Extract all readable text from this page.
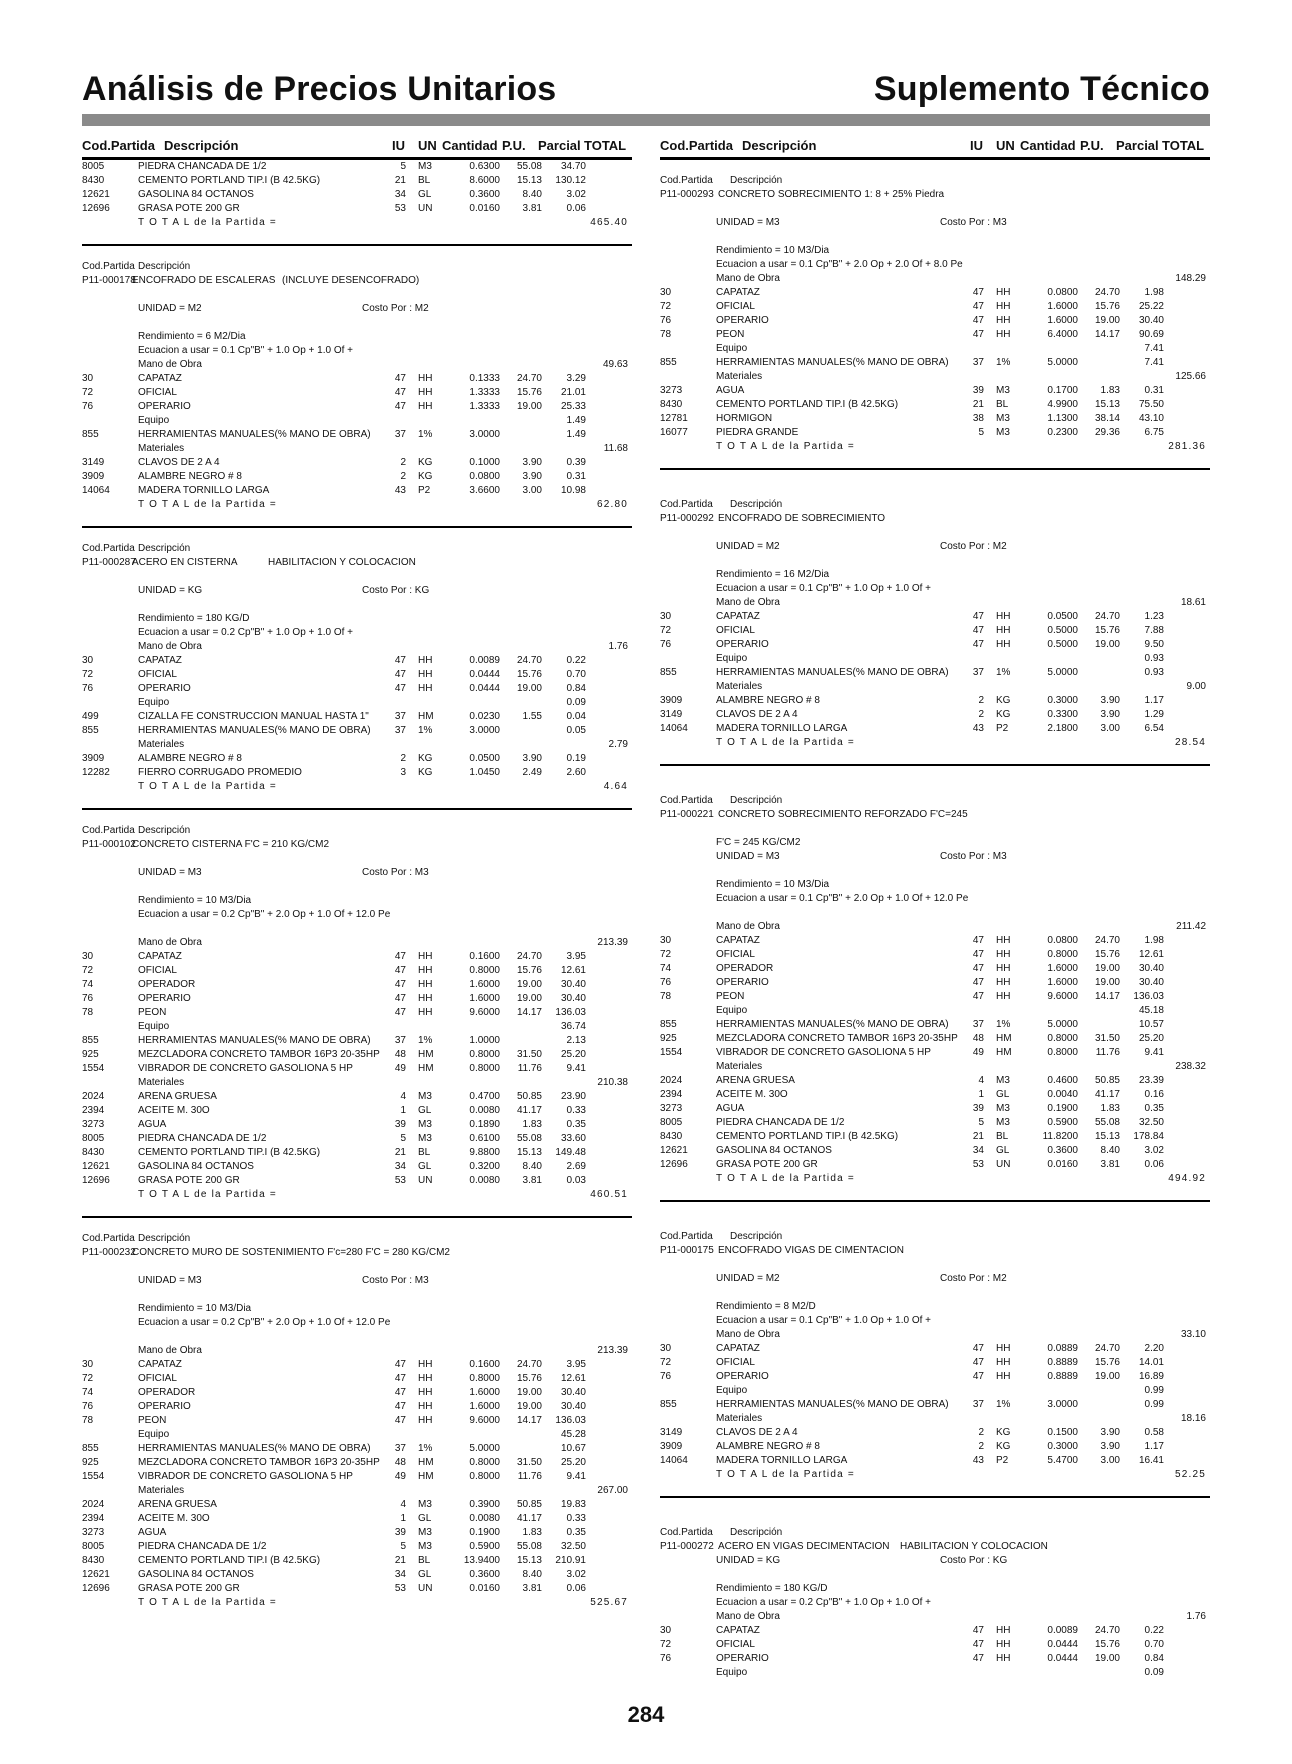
Análisis de Precios Unitarios	Suplemento Técnico
Cod.Partida Descripción	IU UN Cantidad P.U. Parcial TOTAL
8005	PIEDRA CHANCADA DE 1/2	5 M3	0.6300	55.08	34.70
8430	CEMENTO PORTLAND TIP.I (B 42.5KG)	21 BL	8.6000	15.13	130.12
12621	GASOLINA 84 OCTANOS	34 GL	0.3600	8.40	3.02
12696	GRASA POTE 200 GR	53 UN	0.0160	3.81	0.06
T O T A L de la Partida =	465.40
Cod.Partida Descripción
P11-000178
ENCOFRADO DE ESCALERAS (INCLUYE DESENCOFRADO)
UNIDAD = M2	Costo Por : M2
Rendimiento = 6 M2/Dia
Ecuacion a usar = 0.1 Cp"B" + 1.0 Op + 1.0 Of +
Mano de Obra	49.63
30	CAPATAZ	47 HH	0.1333	24.70	3.29
72	OFICIAL	47 HH	1.3333	15.76	21.01
76	OPERARIO	47 HH	1.3333	19.00	25.33
Equipo	1.49
855	HERRAMIENTAS MANUALES(% MANO DE OBRA)	37 1%	3.0000	1.49
Materiales	11.68
3149	CLAVOS DE 2 A 4	2 KG	0.1000	3.90	0.39
3909	ALAMBRE NEGRO # 8	2 KG	0.0800	3.90	0.31
14064	MADERA TORNILLO LARGA	43 P2	3.6600	3.00	10.98
T O T A L de la Partida =	62.80
Cod.Partida Descripción
P11-000287
ACERO EN CISTERNA	HABILITACION Y COLOCACION
UNIDAD = KG	Costo Por : KG
Rendimiento = 180 KG/D
Ecuacion a usar = 0.2 Cp"B" + 1.0 Op + 1.0 Of +
Mano de Obra	1.76
30	CAPATAZ	47 HH	0.0089	24.70	0.22
72	OFICIAL	47 HH	0.0444	15.76	0.70
76	OPERARIO	47 HH	0.0444	19.00	0.84
Equipo	0.09
499	CIZALLA FE CONSTRUCCION MANUAL HASTA 1"	37 HM	0.0230	1.55	0.04
855	HERRAMIENTAS MANUALES(% MANO DE OBRA)	37 1%	3.0000	0.05
Materiales	2.79
3909	ALAMBRE NEGRO # 8	2 KG	0.0500	3.90	0.19
12282	FIERRO CORRUGADO PROMEDIO	3 KG	1.0450	2.49	2.60
T O T A L de la Partida =	4.64
Cod.Partida Descripción
P11-000102
CONCRETO CISTERNA F'C = 210 KG/CM2
UNIDAD = M3	Costo Por : M3
Rendimiento = 10 M3/Dia
Ecuacion a usar = 0.2 Cp"B" + 2.0 Op + 1.0 Of + 12.0 Pe
Mano de Obra	213.39
30	CAPATAZ	47 HH	0.1600	24.70	3.95
72	OFICIAL	47 HH	0.8000	15.76	12.61
74	OPERADOR	47 HH	1.6000	19.00	30.40
76	OPERARIO	47 HH	1.6000	19.00	30.40
78	PEON	47 HH	9.6000	14.17	136.03
Equipo	36.74
855	HERRAMIENTAS MANUALES(% MANO DE OBRA)	37 1%	1.0000	2.13
925	MEZCLADORA CONCRETO TAMBOR 16P3 20-35HP	48 HM	0.8000	31.50	25.20
1554	VIBRADOR DE CONCRETO GASOLIONA 5 HP	49 HM	0.8000	11.76	9.41
Materiales	210.38
2024	ARENA GRUESA	4 M3	0.4700	50.85	23.90
2394	ACEITE M. 30O	1 GL	0.0080	41.17	0.33
3273	AGUA	39 M3	0.1890	1.83	0.35
8005	PIEDRA CHANCADA DE 1/2	5 M3	0.6100	55.08	33.60
8430	CEMENTO PORTLAND TIP.I (B 42.5KG)	21 BL	9.8800	15.13	149.48
12621	GASOLINA 84 OCTANOS	34 GL	0.3200	8.40	2.69
12696	GRASA POTE 200 GR	53 UN	0.0080	3.81	0.03
T O T A L de la Partida =	460.51
Cod.Partida Descripción
P11-000232
CONCRETO MURO DE SOSTENIMIENTO F'c=280 F'C = 280 KG/CM2
UNIDAD = M3	Costo Por : M3
Rendimiento = 10 M3/Dia
Ecuacion a usar = 0.2 Cp"B" + 2.0 Op + 1.0 Of + 12.0 Pe
Mano de Obra	213.39
30	CAPATAZ	47 HH	0.1600	24.70	3.95
72	OFICIAL	47 HH	0.8000	15.76	12.61
74	OPERADOR	47 HH	1.6000	19.00	30.40
76	OPERARIO	47 HH	1.6000	19.00	30.40
78	PEON	47 HH	9.6000	14.17	136.03
Equipo	45.28
855	HERRAMIENTAS MANUALES(% MANO DE OBRA)	37 1%	5.0000	10.67
925	MEZCLADORA CONCRETO TAMBOR 16P3 20-35HP	48 HM	0.8000	31.50	25.20
1554	VIBRADOR DE CONCRETO GASOLIONA 5 HP	49 HM	0.8000	11.76	9.41
Materiales	267.00
2024	ARENA GRUESA	4 M3	0.3900	50.85	19.83
2394	ACEITE M. 30O	1 GL	0.0080	41.17	0.33
3273	AGUA	39 M3	0.1900	1.83	0.35
8005	PIEDRA CHANCADA DE 1/2	5 M3	0.5900	55.08	32.50
8430	CEMENTO PORTLAND TIP.I (B 42.5KG)	21 BL	13.9400	15.13	210.91
12621	GASOLINA 84 OCTANOS	34 GL	0.3600	8.40	3.02
12696	GRASA POTE 200 GR	53 UN	0.0160	3.81	0.06
T O T A L de la Partida =	525.67
Cod.Partida Descripción	IU UN Cantidad P.U. Parcial TOTAL
Cod.Partida Descripción
P11-000293 CONCRETO SOBRECIMIENTO 1: 8 + 25% Piedra
UNIDAD = M3	Costo Por : M3
Rendimiento = 10 M3/Dia
Ecuacion a usar = 0.1 Cp"B" + 2.0 Op + 2.0 Of + 8.0 Pe
Mano de Obra	148.29
30	CAPATAZ	47 HH	0.0800	24.70	1.98
72	OFICIAL	47 HH	1.6000	15.76	25.22
76	OPERARIO	47 HH	1.6000	19.00	30.40
78	PEON	47 HH	6.4000	14.17	90.69
Equipo	7.41
855	HERRAMIENTAS MANUALES(% MANO DE OBRA)	37 1%	5.0000	7.41
Materiales	125.66
3273	AGUA	39 M3	0.1700	1.83	0.31
8430	CEMENTO PORTLAND TIP.I (B 42.5KG)	21 BL	4.9900	15.13	75.50
12781	HORMIGON	38 M3	1.1300	38.14	43.10
16077	PIEDRA GRANDE	5 M3	0.2300	29.36	6.75
T O T A L de la Partida =	281.36
Cod.Partida Descripción
P11-000292 ENCOFRADO DE SOBRECIMIENTO
UNIDAD = M2	Costo Por : M2
Rendimiento = 16 M2/Dia
Ecuacion a usar = 0.1 Cp"B" + 1.0 Op + 1.0 Of +
Mano de Obra	18.61
30	CAPATAZ	47 HH	0.0500	24.70	1.23
72	OFICIAL	47 HH	0.5000	15.76	7.88
76	OPERARIO	47 HH	0.5000	19.00	9.50
Equipo	0.93
855	HERRAMIENTAS MANUALES(% MANO DE OBRA)	37 1%	5.0000	0.93
Materiales	9.00
3909	ALAMBRE NEGRO # 8	2 KG	0.3000	3.90	1.17
3149	CLAVOS DE 2 A 4	2 KG	0.3300	3.90	1.29
14064	MADERA TORNILLO LARGA	43 P2	2.1800	3.00	6.54
T O T A L de la Partida =	28.54
Cod.Partida Descripción
P11-000221 CONCRETO SOBRECIMIENTO REFORZADO F'C=245
F'C = 245 KG/CM2
UNIDAD = M3	Costo Por : M3
Rendimiento = 10 M3/Dia
Ecuacion a usar = 0.1 Cp"B" + 2.0 Op + 1.0 Of + 12.0 Pe
Mano de Obra	211.42
30	CAPATAZ	47 HH	0.0800	24.70	1.98
72	OFICIAL	47 HH	0.8000	15.76	12.61
74	OPERADOR	47 HH	1.6000	19.00	30.40
76	OPERARIO	47 HH	1.6000	19.00	30.40
78	PEON	47 HH	9.6000	14.17	136.03
Equipo	45.18
855	HERRAMIENTAS MANUALES(% MANO DE OBRA)	37 1%	5.0000	10.57
925	MEZCLADORA CONCRETO TAMBOR 16P3 20-35HP	48 HM	0.8000	31.50	25.20
1554	VIBRADOR DE CONCRETO GASOLIONA 5 HP	49 HM	0.8000	11.76	9.41
Materiales	238.32
2024	ARENA GRUESA	4 M3	0.4600	50.85	23.39
2394	ACEITE M. 30O	1 GL	0.0040	41.17	0.16
3273	AGUA	39 M3	0.1900	1.83	0.35
8005	PIEDRA CHANCADA DE 1/2	5 M3	0.5900	55.08	32.50
8430	CEMENTO PORTLAND TIP.I (B 42.5KG)	21 BL	11.8200	15.13	178.84
12621	GASOLINA 84 OCTANOS	34 GL	0.3600	8.40	3.02
12696	GRASA POTE 200 GR	53 UN	0.0160	3.81	0.06
T O T A L de la Partida =	494.92
Cod.Partida Descripción
P11-000175 ENCOFRADO VIGAS DE CIMENTACION
UNIDAD = M2	Costo Por : M2
Rendimiento = 8 M2/D
Ecuacion a usar = 0.1 Cp"B" + 1.0 Op + 1.0 Of +
Mano de Obra	33.10
30	CAPATAZ	47 HH	0.0889	24.70	2.20
72	OFICIAL	47 HH	0.8889	15.76	14.01
76	OPERARIO	47 HH	0.8889	19.00	16.89
Equipo	0.99
855	HERRAMIENTAS MANUALES(% MANO DE OBRA)	37 1%	3.0000	0.99
Materiales	18.16
3149	CLAVOS DE 2 A 4	2 KG	0.1500	3.90	0.58
3909	ALAMBRE NEGRO # 8	2 KG	0.3000	3.90	1.17
14064	MADERA TORNILLO LARGA	43 P2	5.4700	3.00	16.41
T O T A L de la Partida =	52.25
Cod.Partida Descripción
P11-000272 ACERO EN VIGAS DECIMENTACION HABILITACION Y COLOCACION
UNIDAD = KG	Costo Por : KG
Rendimiento = 180 KG/D
Ecuacion a usar = 0.2 Cp"B" + 1.0 Op + 1.0 Of +
Mano de Obra	1.76
30	CAPATAZ	47 HH	0.0089	24.70	0.22
72	OFICIAL	47 HH	0.0444	15.76	0.70
76	OPERARIO	47 HH	0.0444	19.00	0.84
Equipo	0.09
284
